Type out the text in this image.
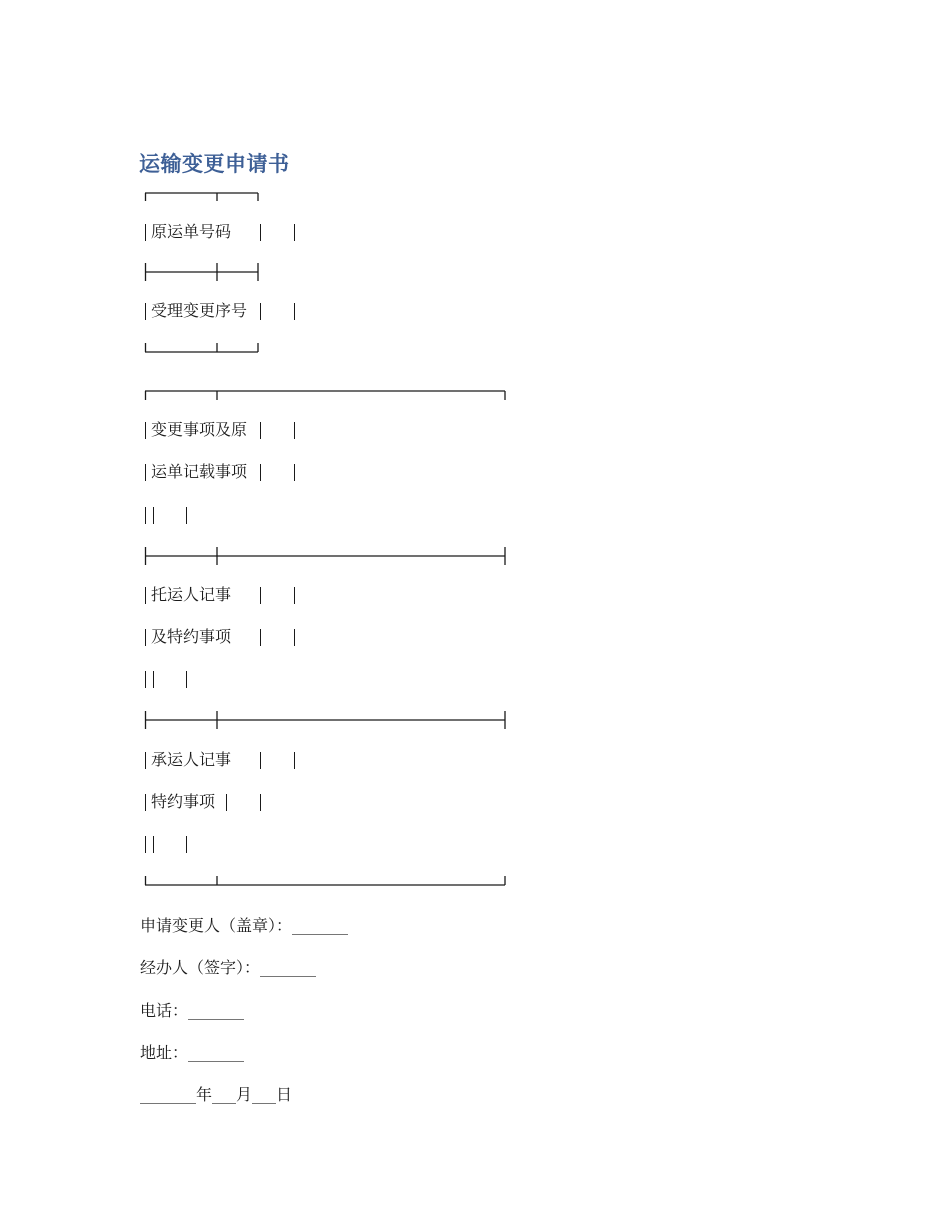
运输变更申请书
原运单号码
受理变更序号
变更事项及原
运单记载事项
托运人记事
及特约事项
承运人记事
特约事项
申请变更人（盖章）：_______
经办人（签字）：_______
电话：_______
地址：_______
_______年___月___日
